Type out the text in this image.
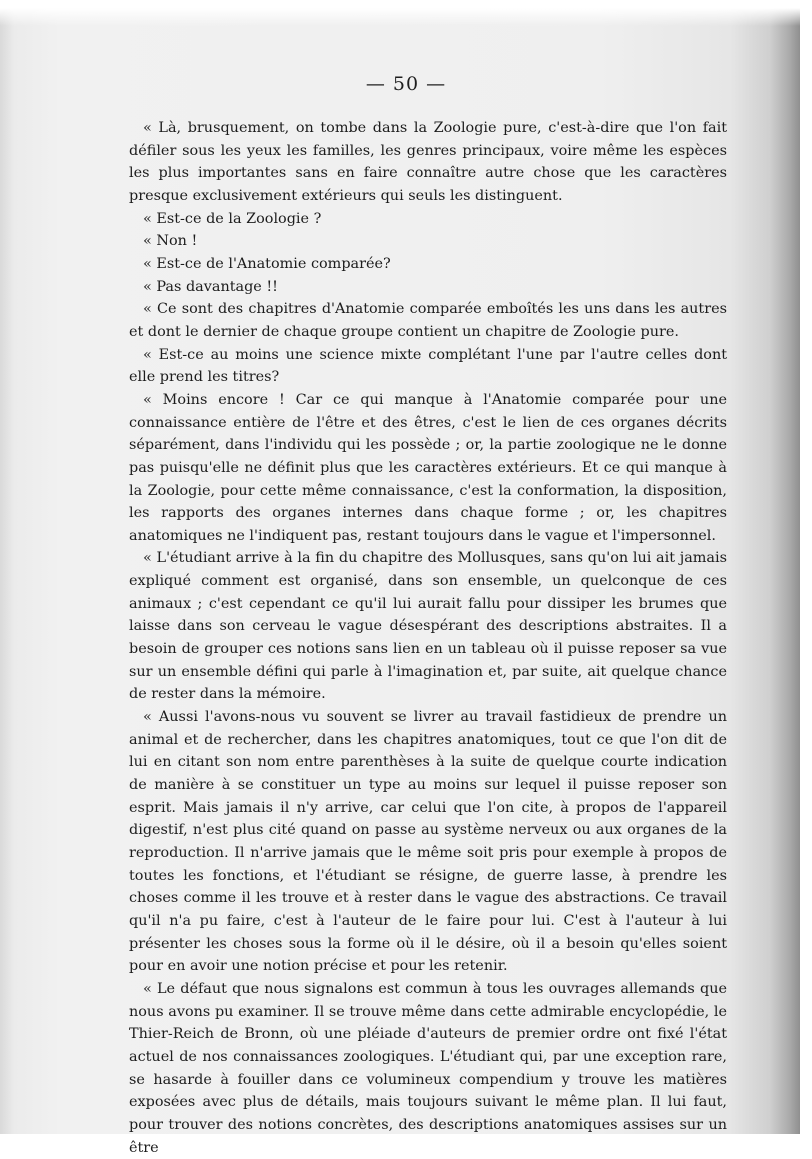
— 50 —

« Là, brusquement, on tombe dans la Zoologie pure, c'est-à-dire que l'on fait défiler sous les yeux les familles, les genres principaux, voire même les espèces les plus importantes sans en faire connaître autre chose que les caractères presque exclusivement extérieurs qui seuls les distinguent.

« Est-ce de la Zoologie ?

« Non !

« Est-ce de l'Anatomie comparée?

« Pas davantage !!

« Ce sont des chapitres d'Anatomie comparée emboîtés les uns dans les autres et dont le dernier de chaque groupe contient un chapitre de Zoologie pure.

« Est-ce au moins une science mixte complétant l'une par l'autre celles dont elle prend les titres?

« Moins encore ! Car ce qui manque à l'Anatomie comparée pour une connaissance entière de l'être et des êtres, c'est le lien de ces organes décrits séparément, dans l'individu qui les possède ; or, la partie zoologique ne le donne pas puisqu'elle ne définit plus que les caractères extérieurs. Et ce qui manque à la Zoologie, pour cette même connaissance, c'est la conformation, la disposition, les rapports des organes internes dans chaque forme ; or, les chapitres anatomiques ne l'indiquent pas, restant toujours dans le vague et l'impersonnel.

« L'étudiant arrive à la fin du chapitre des Mollusques, sans qu'on lui ait jamais expliqué comment est organisé, dans son ensemble, un quelconque de ces animaux ; c'est cependant ce qu'il lui aurait fallu pour dissiper les brumes que laisse dans son cerveau le vague désespérant des descriptions abstraites. Il a besoin de grouper ces notions sans lien en un tableau où il puisse reposer sa vue sur un ensemble défini qui parle à l'imagination et, par suite, ait quelque chance de rester dans la mémoire.

« Aussi l'avons-nous vu souvent se livrer au travail fastidieux de prendre un animal et de rechercher, dans les chapitres anatomiques, tout ce que l'on dit de lui en citant son nom entre parenthèses à la suite de quelque courte indication de manière à se constituer un type au moins sur lequel il puisse reposer son esprit. Mais jamais il n'y arrive, car celui que l'on cite, à propos de l'appareil digestif, n'est plus cité quand on passe au système nerveux ou aux organes de la reproduction. Il n'arrive jamais que le même soit pris pour exemple à propos de toutes les fonctions, et l'étudiant se résigne, de guerre lasse, à prendre les choses comme il les trouve et à rester dans le vague des abstractions. Ce travail qu'il n'a pu faire, c'est à l'auteur de le faire pour lui. C'est à l'auteur à lui présenter les choses sous la forme où il le désire, où il a besoin qu'elles soient pour en avoir une notion précise et pour les retenir.

« Le défaut que nous signalons est commun à tous les ouvrages allemands que nous avons pu examiner. Il se trouve même dans cette admirable encyclopédie, le Thier-Reich de Bronn, où une pléiade d'auteurs de premier ordre ont fixé l'état actuel de nos connaissances zoologiques. L'étudiant qui, par une exception rare, se hasarde à fouiller dans ce volumineux compendium y trouve les matières exposées avec plus de détails, mais toujours suivant le même plan. Il lui faut, pour trouver des notions concrètes, des descriptions anatomiques assises sur un être
